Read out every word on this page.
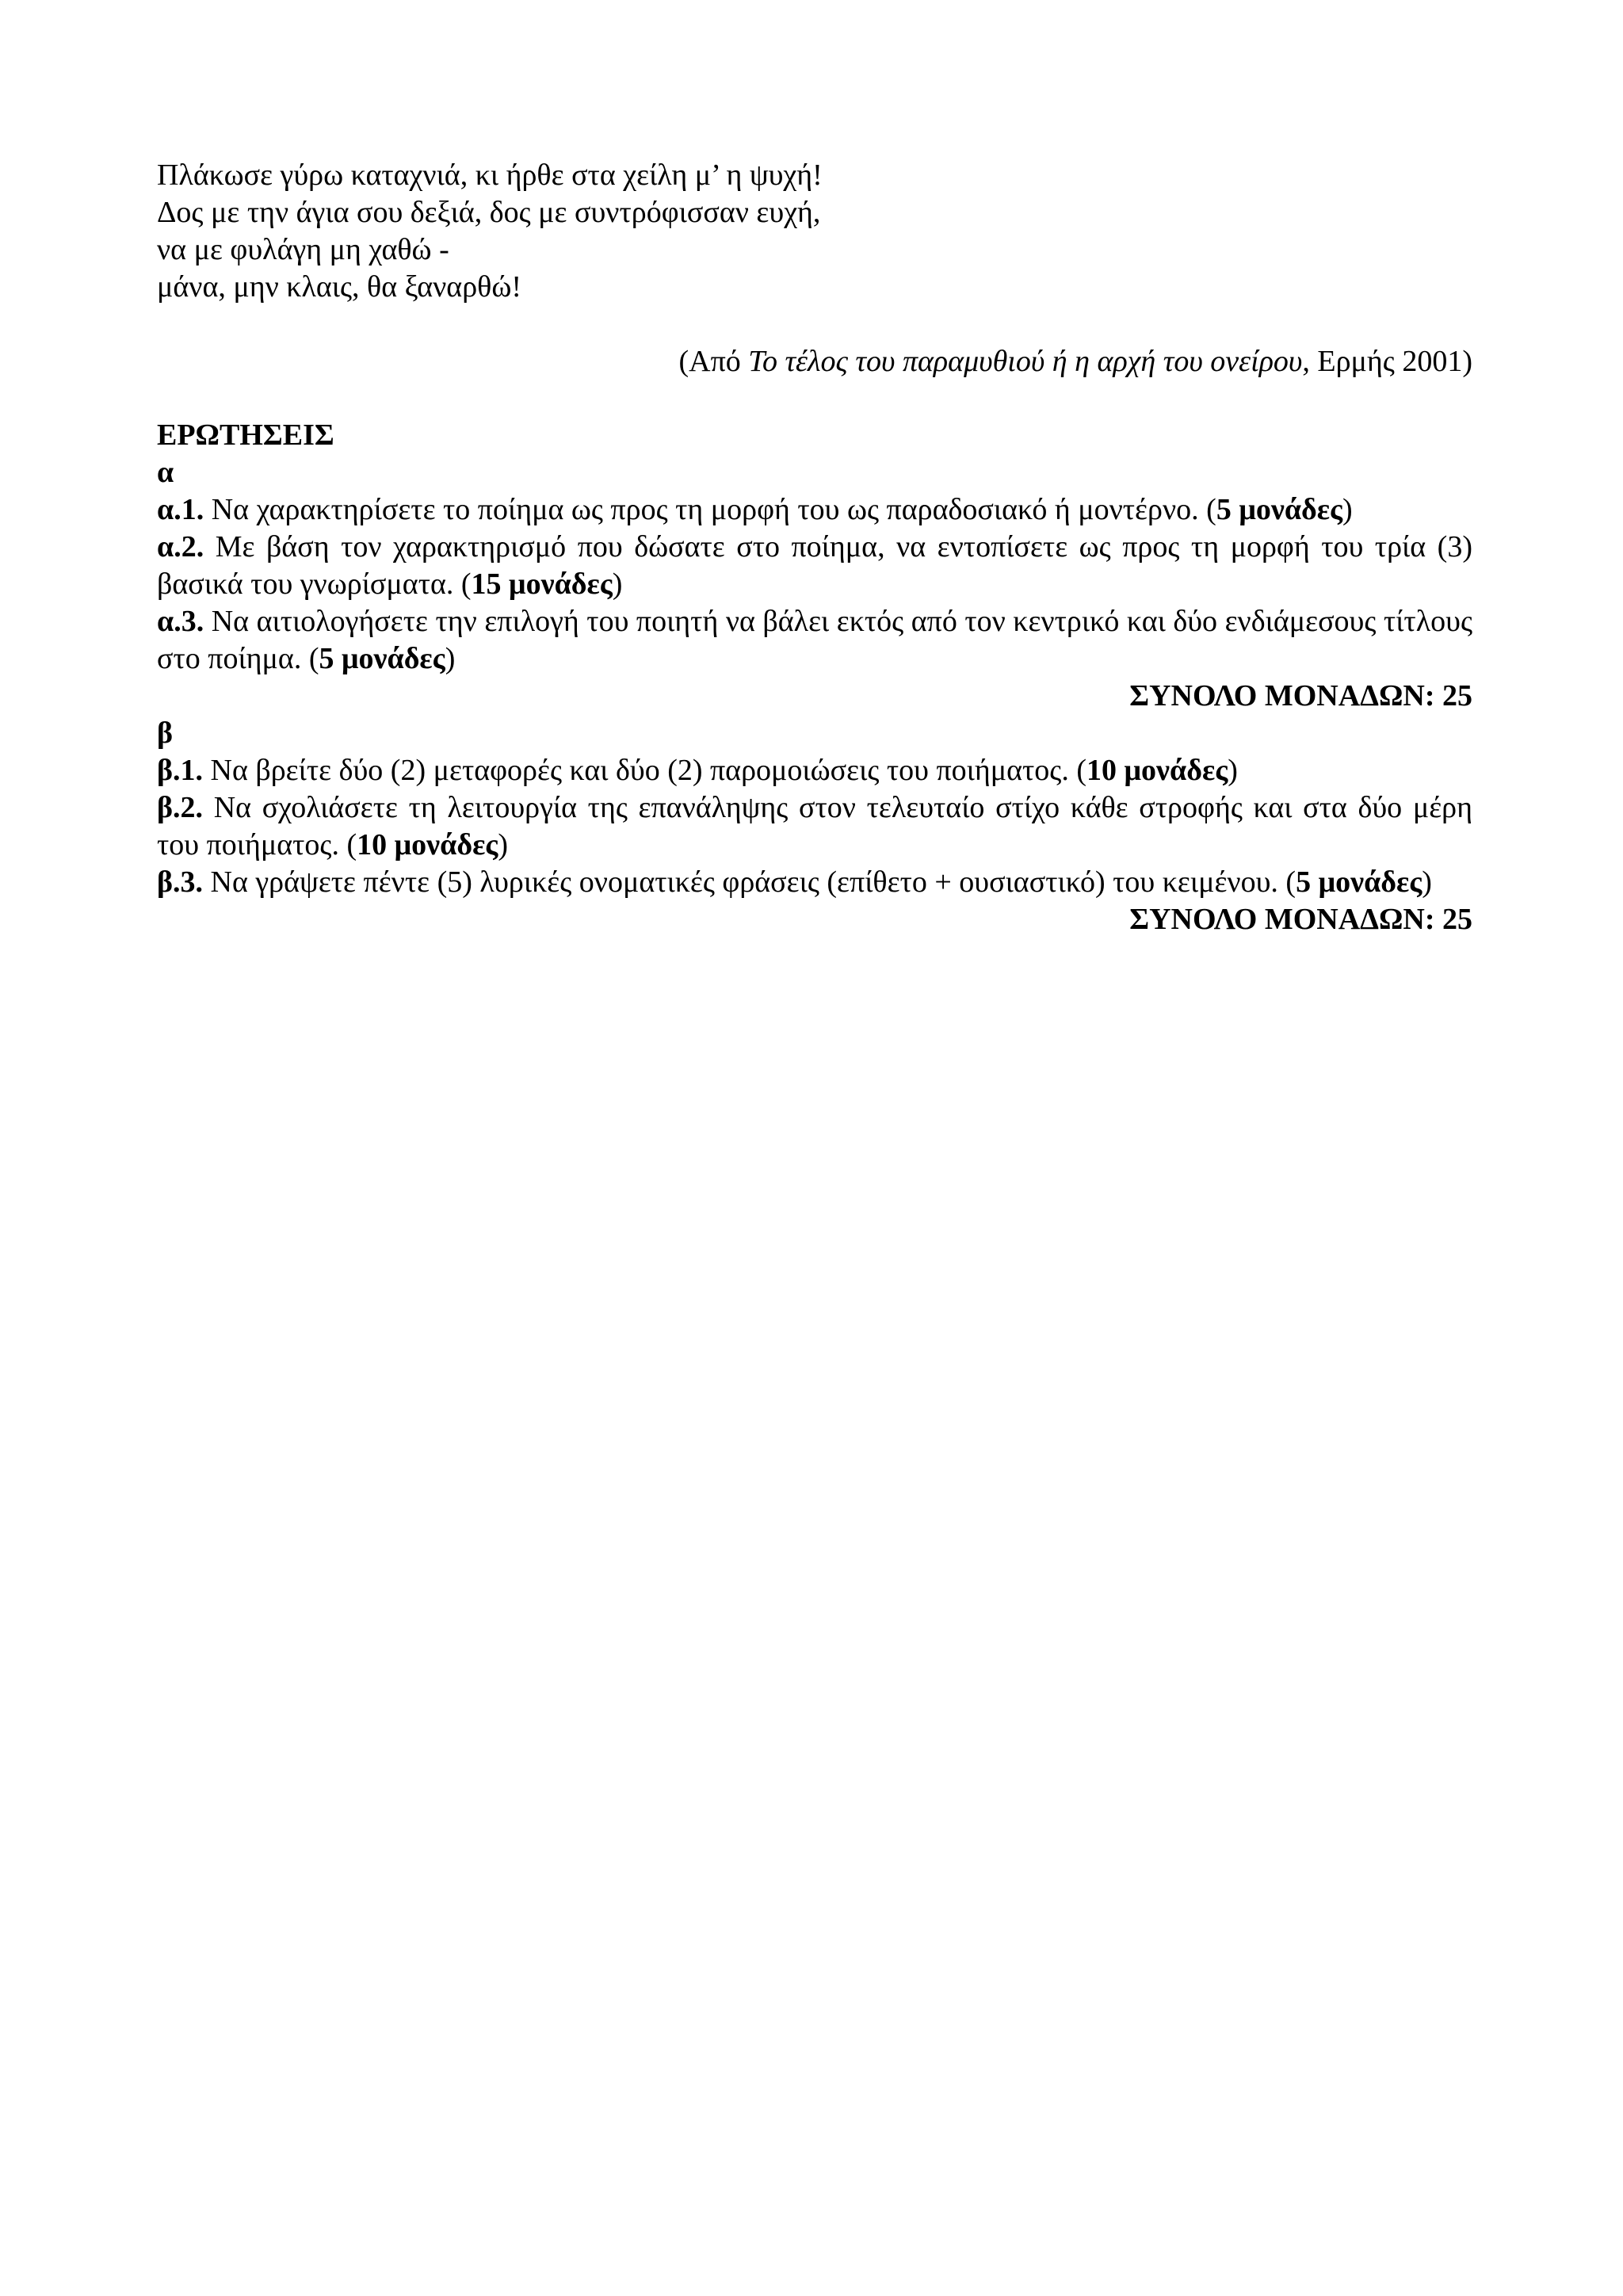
Πλάκωσε γύρω καταχνιά, κι ήρθε στα χείλη μ’ η ψυχή!
Δος με την άγια σου δεξιά, δος με συντρόφισσαν ευχή,
να με φυλάγη μη χαθώ -
μάνα, μην κλαις, θα ξαναρθώ!
(Από Το τέλος του παραμυθιού ή η αρχή του ονείρου, Ερμής 2001)
ΕΡΩΤΗΣΕΙΣ
α
α.1. Να χαρακτηρίσετε το ποίημα ως προς τη μορφή του ως παραδοσιακό ή μοντέρνο. (5 μονάδες)
α.2. Με βάση τον χαρακτηρισμό που δώσατε στο ποίημα, να εντοπίσετε ως προς τη μορφή του τρία (3) βασικά του γνωρίσματα. (15 μονάδες)
α.3. Να αιτιολογήσετε την επιλογή του ποιητή να βάλει εκτός από τον κεντρικό και δύο ενδιάμεσους τίτλους στο ποίημα. (5 μονάδες)
ΣΥΝΟΛΟ ΜΟΝΑΔΩΝ: 25
β
β.1. Να βρείτε δύο (2) μεταφορές και δύο (2) παρομοιώσεις του ποιήματος. (10 μονάδες)
β.2. Να σχολιάσετε τη λειτουργία της επανάληψης στον τελευταίο στίχο κάθε στροφής και στα δύο μέρη του ποιήματος. (10 μονάδες)
β.3. Να γράψετε πέντε (5) λυρικές ονοματικές φράσεις (επίθετο + ουσιαστικό) του κειμένου. (5 μονάδες)
ΣΥΝΟΛΟ ΜΟΝΑΔΩΝ: 25
